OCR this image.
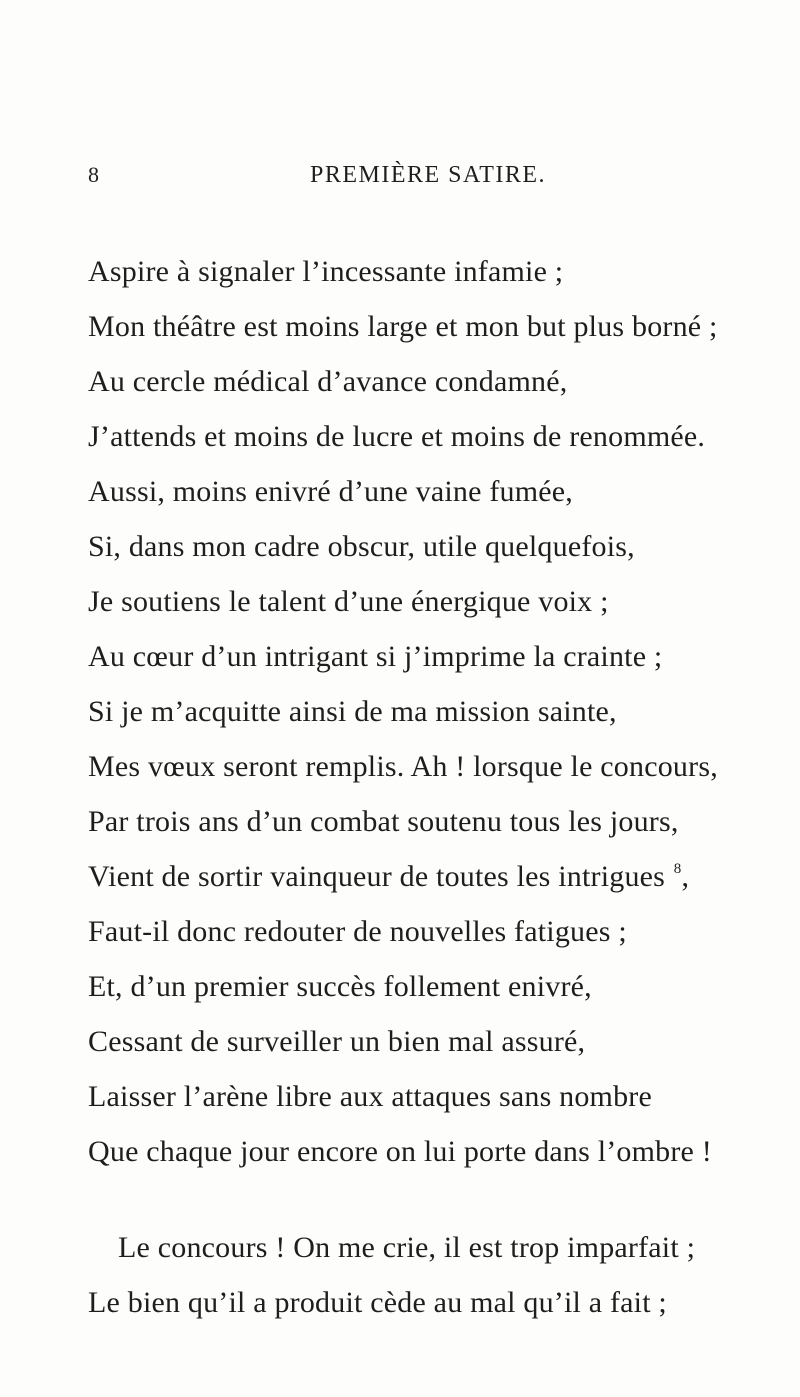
8	PREMIÈRE SATIRE.

Aspire à signaler l’incessante infamie ;

Mon théâtre est moins large et mon but plus borné ;

Au cercle médical d’avance condamné,

J’attends et moins de lucre et moins de renommée.

Aussi, moins enivré d’une vaine fumée,

Si, dans mon cadre obscur, utile quelquefois,

Je soutiens le talent d’une énergique voix ;

Au cœur d’un intrigant si j’imprime la crainte ;

Si je m’acquitte ainsi de ma mission sainte,

Mes vœux seront remplis. Ah ! lorsque le concours,

Par trois ans d’un combat soutenu tous les jours,

Vient de sortir vainqueur de toutes les intrigues $^8$,

Faut-il donc redouter de nouvelles fatigues ;

Et, d’un premier succès follement enivré,

Cessant de surveiller un bien mal assuré,

Laisser l’arène libre aux attaques sans nombre

Que chaque jour encore on lui porte dans l’ombre !

Le concours ! On me crie, il est trop imparfait ;

Le bien qu’il a produit cède au mal qu’il a fait ;
